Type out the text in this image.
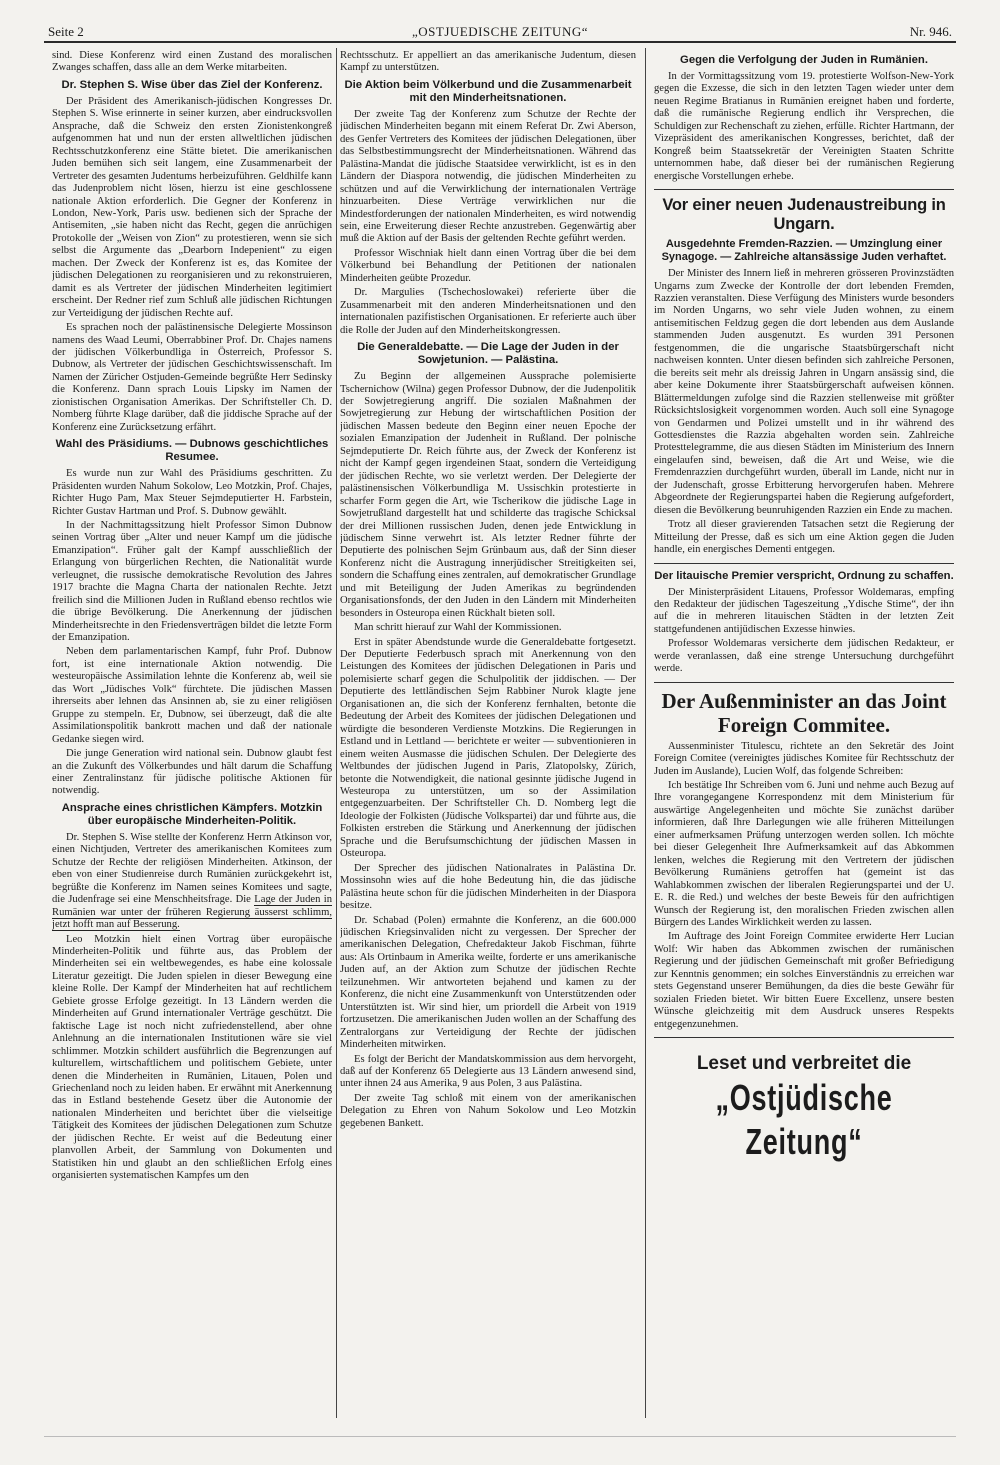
Seite 2	„OSTJUEDISCHE ZEITUNG“	Nr. 946.

sind. Diese Konferenz wird einen Zustand des moralischen Zwanges schaffen, dass alle an dem Werke mitarbeiten.

Dr. Stephen S. Wise über das Ziel der Konferenz.

Der Präsident des Amerikanisch-jüdischen Kongresses Dr. Stephen S. Wise erinnerte in seiner kurzen, aber eindrucksvollen Ansprache, daß die Schweiz den ersten Zionistenkongreß aufgenommen hat und nun der ersten allweltlichen jüdischen Rechtsschutzkonferenz eine Stätte bietet. Die amerikanischen Juden bemühen sich seit langem, eine Zusammenarbeit der Vertreter des gesamten Judentums herbeizuführen. Geldhilfe kann das Judenproblem nicht lösen, hierzu ist eine geschlossene nationale Aktion erforderlich. Die Gegner der Konferenz in London, New-York, Paris usw. bedienen sich der Sprache der Antisemiten, „sie haben nicht das Recht, gegen die anrüchigen Protokolle der „Weisen von Zion“ zu protestieren, wenn sie sich selbst die Argumente das „Dearborn Indepenient“ zu eigen machen. Der Zweck der Konferenz ist es, das Komitee der jüdischen Delegationen zu reorganisieren und zu rekonstruieren, damit es als Vertreter der jüdischen Minderheiten legitimiert erscheint. Der Redner rief zum Schluß alle jüdischen Richtungen zur Verteidigung der jüdischen Rechte auf.

Es sprachen noch der palästinensische Delegierte Mossinson namens des Waad Leumi, Oberrabbiner Prof. Dr. Chajes namens der jüdischen Völkerbundliga in Österreich, Professor S. Dubnow, als Vertreter der jüdischen Geschichtswissenschaft. Im Namen der Züricher Ostjuden-Gemeinde begrüßte Herr Sedinsky die Konferenz. Dann sprach Louis Lipsky im Namen der zionistischen Organisation Amerikas. Der Schriftsteller Ch. D. Nomberg führte Klage darüber, daß die jiddische Sprache auf der Konferenz eine Zurücksetzung erfährt.

Wahl des Präsidiums. — Dubnows geschichtliches Resumee.

Es wurde nun zur Wahl des Präsidiums geschritten. Zu Präsidenten wurden Nahum Sokolow, Leo Motzkin, Prof. Chajes, Richter Hugo Pam, Max Steuer Sejmdeputierter H. Farbstein, Richter Gustav Hartman und Prof. S. Dubnow gewählt.

In der Nachmittagssitzung hielt Professor Simon Dubnow seinen Vortrag über „Alter und neuer Kampf um die jüdische Emanzipation“. Früher galt der Kampf ausschließlich der Erlangung von bürgerlichen Rechten, die Nationalität wurde verleugnet, die russische demokratische Revolution des Jahres 1917 brachte die Magna Charta der nationalen Rechte. Jetzt freilich sind die Millionen Juden in Rußland ebenso rechtlos wie die übrige Bevölkerung. Die Anerkennung der jüdischen Minderheitsrechte in den Friedensverträgen bildet die letzte Form der Emanzipation.

Neben dem parlamentarischen Kampf, fuhr Prof. Dubnow fort, ist eine internationale Aktion notwendig. Die westeuropäische Assimilation lehnte die Konferenz ab, weil sie das Wort „Jüdisches Volk“ fürchtete. Die jüdischen Massen ihrerseits aber lehnen das Ansinnen ab, sie zu einer religiösen Gruppe zu stempeln. Er, Dubnow, sei überzeugt, daß die alte Assimilationspolitik bankrott machen und daß der nationale Gedanke siegen wird.

Die junge Generation wird national sein. Dubnow glaubt fest an die Zukunft des Völkerbundes und hält darum die Schaffung einer Zentralinstanz für jüdische politische Aktionen für notwendig.

Ansprache eines christlichen Kämpfers. Motzkin über europäische Minderheiten-Politik.

Dr. Stephen S. Wise stellte der Konferenz Herrn Atkinson vor, einen Nichtjuden, Vertreter des amerikanischen Komitees zum Schutze der Rechte der religiösen Minderheiten. Atkinson, der eben von einer Studienreise durch Rumänien zurückgekehrt ist, begrüßte die Konferenz im Namen seines Komitees und sagte, die Judenfrage sei eine Menschheitsfrage. Die Lage der Juden in Rumänien war unter der früheren Regierung äusserst schlimm, jetzt hofft man auf Besserung.

Leo Motzkin hielt einen Vortrag über europäische Minderheiten-Politik und führte aus, das Problem der Minderheiten sei ein weltbewegendes, es habe eine kolossale Literatur gezeitigt. Die Juden spielen in dieser Bewegung eine kleine Rolle. Der Kampf der Minderheiten hat auf rechtlichem Gebiete grosse Erfolge gezeitigt. In 13 Ländern werden die Minderheiten auf Grund internationaler Verträge geschützt. Die faktische Lage ist noch nicht zufriedenstellend, aber ohne Anlehnung an die internationalen Institutionen wäre sie viel schlimmer. Motzkin schildert ausführlich die Begrenzungen auf kulturellem, wirtschaftlichem und politischem Gebiete, unter denen die Minderheiten in Rumänien, Litauen, Polen und Griechenland noch zu leiden haben. Er erwähnt mit Anerkennung das in Estland bestehende Gesetz über die Autonomie der nationalen Minderheiten und berichtet über die vielseitige Tätigkeit des Komitees der jüdischen Delegationen zum Schutze der jüdischen Rechte. Er weist auf die Bedeutung einer planvollen Arbeit, der Sammlung von Dokumenten und Statistiken hin und glaubt an den schließlichen Erfolg eines organisierten systematischen Kampfes um den

Rechtsschutz. Er appelliert an das amerikanische Judentum, diesen Kampf zu unterstützen.

Die Aktion beim Völkerbund und die Zusammenarbeit mit den Minderheitsnationen.

Der zweite Tag der Konferenz zum Schutze der Rechte der jüdischen Minderheiten begann mit einem Referat Dr. Zwi Aberson, des Genfer Vertreters des Komitees der jüdischen Delegationen, über das Selbstbestimmungsrecht der Minderheitsnationen. Während das Palästina-Mandat die jüdische Staatsidee verwirklicht, ist es in den Ländern der Diaspora notwendig, die jüdischen Minderheiten zu schützen und auf die Verwirklichung der internationalen Verträge hinzuarbeiten. Diese Verträge verwirklichen nur die Mindestforderungen der nationalen Minderheiten, es wird notwendig sein, eine Erweiterung dieser Rechte anzustreben. Gegenwärtig aber muß die Aktion auf der Basis der geltenden Rechte geführt werden.

Professor Wischniak hielt dann einen Vortrag über die bei dem Völkerbund bei Behandlung der Petitionen der nationalen Minderheiten geübte Prozedur.

Dr. Margulies (Tschechoslowakei) referierte über die Zusammenarbeit mit den anderen Minderheitsnationen und den internationalen pazifistischen Organisationen. Er referierte auch über die Rolle der Juden auf den Minderheitskongressen.

Die Generaldebatte. — Die Lage der Juden in der Sowjetunion. — Palästina.

Zu Beginn der allgemeinen Aussprache polemisierte Tschernichow (Wilna) gegen Professor Dubnow, der die Judenpolitik der Sowjetregierung angriff. Die sozialen Maßnahmen der Sowjetregierung zur Hebung der wirtschaftlichen Position der jüdischen Massen bedeute den Beginn einer neuen Epoche der sozialen Emanzipation der Judenheit in Rußland. Der polnische Sejmdeputierte Dr. Reich führte aus, der Zweck der Konferenz ist nicht der Kampf gegen irgendeinen Staat, sondern die Verteidigung der jüdischen Rechte, wo sie verletzt werden. Der Delegierte der palästinensischen Völkerbundliga M. Ussischkin protestierte in scharfer Form gegen die Art, wie Tscherikow die jüdische Lage in Sowjetrußland dargestellt hat und schilderte das tragische Schicksal der drei Millionen russischen Juden, denen jede Entwicklung in jüdischem Sinne verwehrt ist. Als letzter Redner führte der Deputierte des polnischen Sejm Grünbaum aus, daß der Sinn dieser Konferenz nicht die Austragung innerjüdischer Streitigkeiten sei, sondern die Schaffung eines zentralen, auf demokratischer Grundlage und mit Beteiligung der Juden Amerikas zu begründenden Organisationsfonds, der den Juden in den Ländern mit Minderheiten besonders in Osteuropa einen Rückhalt bieten soll.

Man schritt hierauf zur Wahl der Kommissionen.

Erst in später Abendstunde wurde die Generaldebatte fortgesetzt. Der Deputierte Federbusch sprach mit Anerkennung von den Leistungen des Komitees der jüdischen Delegationen in Paris und polemisierte scharf gegen die Schulpolitik der jiddischen. — Der Deputierte des lettländischen Sejm Rabbiner Nurok klagte jene Organisationen an, die sich der Konferenz fernhalten, betonte die Bedeutung der Arbeit des Komitees der jüdischen Delegationen und würdigte die besonderen Verdienste Motzkins. Die Regierungen in Estland und in Lettland — berichtete er weiter — subventionieren in einem weiten Ausmasse die jüdischen Schulen. Der Delegierte des Weltbundes der jüdischen Jugend in Paris, Zlatopolsky, Zürich, betonte die Notwendigkeit, die national gesinnte jüdische Jugend in Westeuropa zu unterstützen, um so der Assimilation entgegenzuarbeiten. Der Schriftsteller Ch. D. Nomberg legt die Ideologie der Folkisten (Jüdische Volkspartei) dar und führte aus, die Folkisten erstreben die Stärkung und Anerkennung der jüdischen Sprache und die Berufsumschichtung der jüdischen Massen in Osteuropa.

Der Sprecher des jüdischen Nationalrates in Palästina Dr. Mossinsohn wies auf die hohe Bedeutung hin, die das jüdische Palästina heute schon für die jüdischen Minderheiten in der Diaspora besitze.

Dr. Schabad (Polen) ermahnte die Konferenz, an die 600.000 jüdischen Kriegsinvaliden nicht zu vergessen. Der Sprecher der amerikanischen Delegation, Chefredakteur Jakob Fischman, führte aus: Als Ortinbaum in Amerika weilte, forderte er uns amerikanische Juden auf, an der Aktion zum Schutze der jüdischen Rechte teilzunehmen. Wir antworteten bejahend und kamen zu der Konferenz, die nicht eine Zusammenkunft von Unterstützenden oder Unterstützten ist. Wir sind hier, um priordell die Arbeit von 1919 fortzusetzen. Die amerikanischen Juden wollen an der Schaffung des Zentralorgans zur Verteidigung der Rechte der jüdischen Minderheiten mitwirken.

Es folgt der Bericht der Mandatskommission aus dem hervorgeht, daß auf der Konferenz 65 Delegierte aus 13 Ländern anwesend sind, unter ihnen 24 aus Amerika, 9 aus Polen, 3 aus Palästina.

Der zweite Tag schloß mit einem von der amerikanischen Delegation zu Ehren von Nahum Sokolow und Leo Motzkin gegebenen Bankett.

Gegen die Verfolgung der Juden in Rumänien.

In der Vormittagssitzung vom 19. protestierte Wolfson-New-York gegen die Exzesse, die sich in den letzten Tagen wieder unter dem neuen Regime Bratianus in Rumänien ereignet haben und forderte, daß die rumänische Regierung endlich ihr Versprechen, die Schuldigen zur Rechenschaft zu ziehen, erfülle. Richter Hartmann, der Vizepräsident des amerikanischen Kongresses, berichtet, daß der Kongreß beim Staatssekretär der Vereinigten Staaten Schritte unternommen habe, daß dieser bei der rumänischen Regierung energische Vorstellungen erhebe.

Vor einer neuen Judenaustreibung in Ungarn.
Ausgedehnte Fremden-Razzien. — Umzinglung einer Synagoge. — Zahlreiche altansässige Juden verhaftet.

Der Minister des Innern ließ in mehreren grösseren Provinzstädten Ungarns zum Zwecke der Kontrolle der dort lebenden Fremden, Razzien veranstalten. Diese Verfügung des Ministers wurde besonders im Norden Ungarns, wo sehr viele Juden wohnen, zu einem antisemitischen Feldzug gegen die dort lebenden aus dem Auslande stammenden Juden ausgenutzt. Es wurden 391 Personen festgenommen, die die ungarische Staatsbürgerschaft nicht nachweisen konnten. Unter diesen befinden sich zahlreiche Personen, die bereits seit mehr als dreissig Jahren in Ungarn ansässig sind, die aber keine Dokumente ihrer Staatsbürgerschaft aufweisen können. Blättermeldungen zufolge sind die Razzien stellenweise mit größter Rücksichtslosigkeit vorgenommen worden. Auch soll eine Synagoge von Gendarmen und Polizei umstellt und in ihr während des Gottesdienstes die Razzia abgehalten worden sein. Zahlreiche Protesttelegramme, die aus diesen Städten im Ministerium des Innern eingelaufen sind, beweisen, daß die Art und Weise, wie die Fremdenrazzien durchgeführt wurden, überall im Lande, nicht nur in der Judenschaft, grosse Erbitterung hervorgerufen haben. Mehrere Abgeordnete der Regierungspartei haben die Regierung aufgefordert, diesen die Bevölkerung beunruhigenden Razzien ein Ende zu machen.

Trotz all dieser gravierenden Tatsachen setzt die Regierung der Mitteilung der Presse, daß es sich um eine Aktion gegen die Juden handle, ein energisches Dementi entgegen.

Der litauische Premier verspricht, Ordnung zu schaffen.

Der Ministerpräsident Litauens, Professor Woldemaras, empfing den Redakteur der jüdischen Tageszeitung „Ydische Stime“, der ihn auf die in mehreren litauischen Städten in der letzten Zeit stattgefundenen antijüdischen Exzesse hinwies.

Professor Woldemaras versicherte dem jüdischen Redakteur, er werde veranlassen, daß eine strenge Untersuchung durchgeführt werde.

Der Außenminister an das Joint Foreign Commitee.

Aussenminister Titulescu, richtete an den Sekretär des Joint Foreign Comitee (vereinigtes jüdisches Komitee für Rechtsschutz der Juden im Auslande), Lucien Wolf, das folgende Schreiben:

Ich bestätige Ihr Schreiben vom 6. Juni und nehme auch Bezug auf Ihre vorangegangene Korrespondenz mit dem Ministerium für auswärtige Angelegenheiten und möchte Sie zunächst darüber informieren, daß Ihre Darlegungen wie alle früheren Mitteilungen einer aufmerksamen Prüfung unterzogen werden sollen. Ich möchte bei dieser Gelegenheit Ihre Aufmerksamkeit auf das Abkommen lenken, welches die Regierung mit den Vertretern der jüdischen Bevölkerung Rumäniens getroffen hat (gemeint ist das Wahlabkommen zwischen der liberalen Regierungspartei und der U. E. R. die Red.) und welches der beste Beweis für den aufrichtigen Wunsch der Regierung ist, den moralischen Frieden zwischen allen Bürgern des Landes Wirklichkeit werden zu lassen.

Im Auftrage des Joint Foreign Commitee erwiderte Herr Lucian Wolf: Wir haben das Abkommen zwischen der rumänischen Regierung und der jüdischen Gemeinschaft mit großer Befriedigung zur Kenntnis genommen; ein solches Einverständnis zu erreichen war stets Gegenstand unserer Bemühungen, da dies die beste Gewähr für sozialen Frieden bietet. Wir bitten Euere Excellenz, unsere besten Wünsche gleichzeitig mit dem Ausdruck unseres Respekts entgegenzunehmen.

Leset und verbreitet die
„Ostjüdische Zeitung“
